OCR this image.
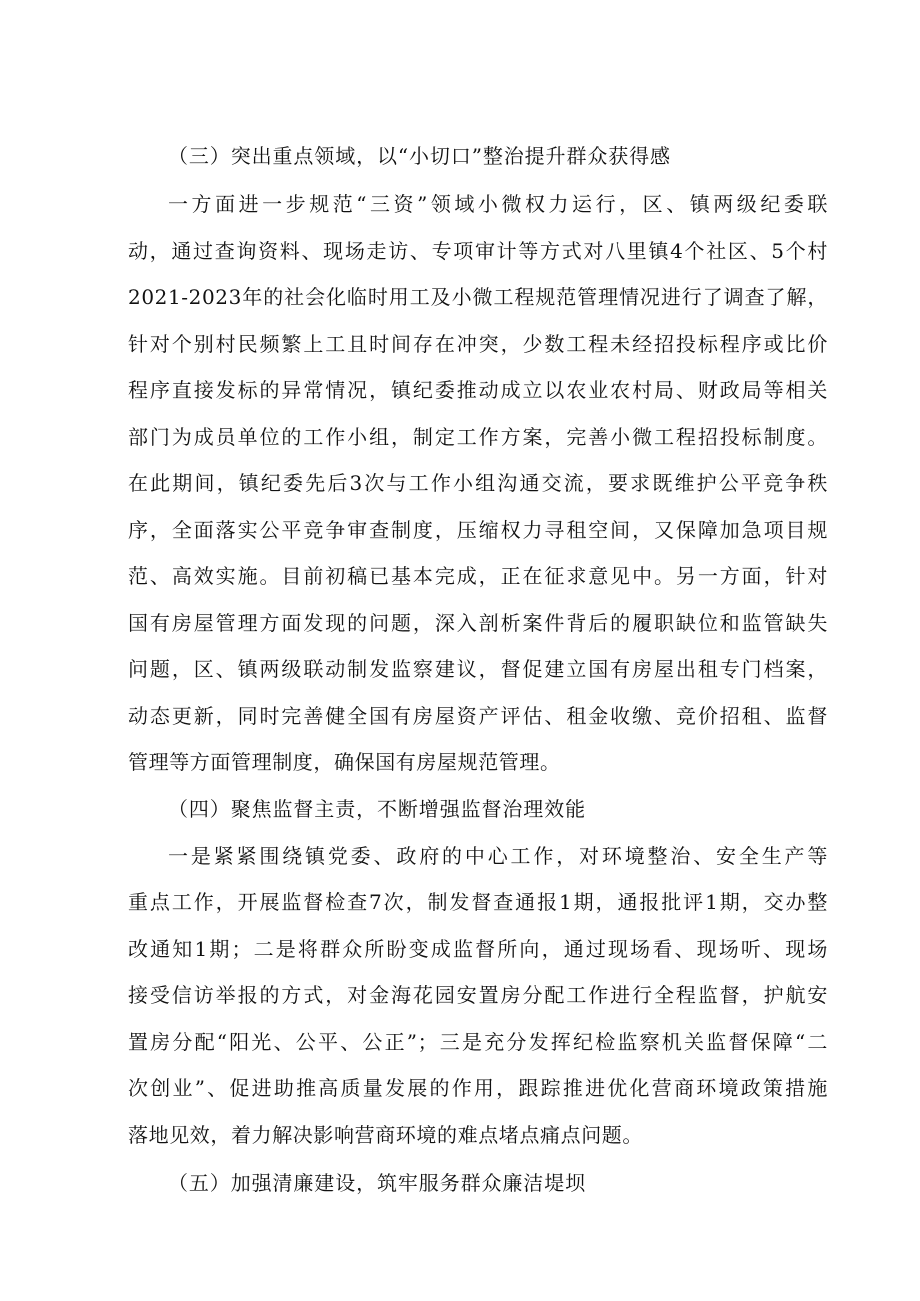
（三）突出重点领域，以“小切口”整治提升群众获得感
一方面进一步规范“三资”领域小微权力运行，区、镇两级纪委联
动，通过查询资料、现场走访、专项审计等方式对八里镇4个社区、5个村
2021-2023年的社会化临时用工及小微工程规范管理情况进行了调查了解，
针对个别村民频繁上工且时间存在冲突，少数工程未经招投标程序或比价
程序直接发标的异常情况，镇纪委推动成立以农业农村局、财政局等相关
部门为成员单位的工作小组，制定工作方案，完善小微工程招投标制度。
在此期间，镇纪委先后3次与工作小组沟通交流，要求既维护公平竞争秩
序，全面落实公平竞争审查制度，压缩权力寻租空间，又保障加急项目规
范、高效实施。目前初稿已基本完成，正在征求意见中。另一方面，针对
国有房屋管理方面发现的问题，深入剖析案件背后的履职缺位和监管缺失
问题，区、镇两级联动制发监察建议，督促建立国有房屋出租专门档案，
动态更新，同时完善健全国有房屋资产评估、租金收缴、竞价招租、监督
管理等方面管理制度，确保国有房屋规范管理。
（四）聚焦监督主责，不断增强监督治理效能
一是紧紧围绕镇党委、政府的中心工作，对环境整治、安全生产等
重点工作，开展监督检查7次，制发督查通报1期，通报批评1期，交办整
改通知1期；二是将群众所盼变成监督所向，通过现场看、现场听、现场
接受信访举报的方式，对金海花园安置房分配工作进行全程监督，护航安
置房分配“阳光、公平、公正”；三是充分发挥纪检监察机关监督保障“二
次创业”、促进助推高质量发展的作用，跟踪推进优化营商环境政策措施
落地见效，着力解决影响营商环境的难点堵点痛点问题。
（五）加强清廉建设，筑牢服务群众廉洁堤坝
